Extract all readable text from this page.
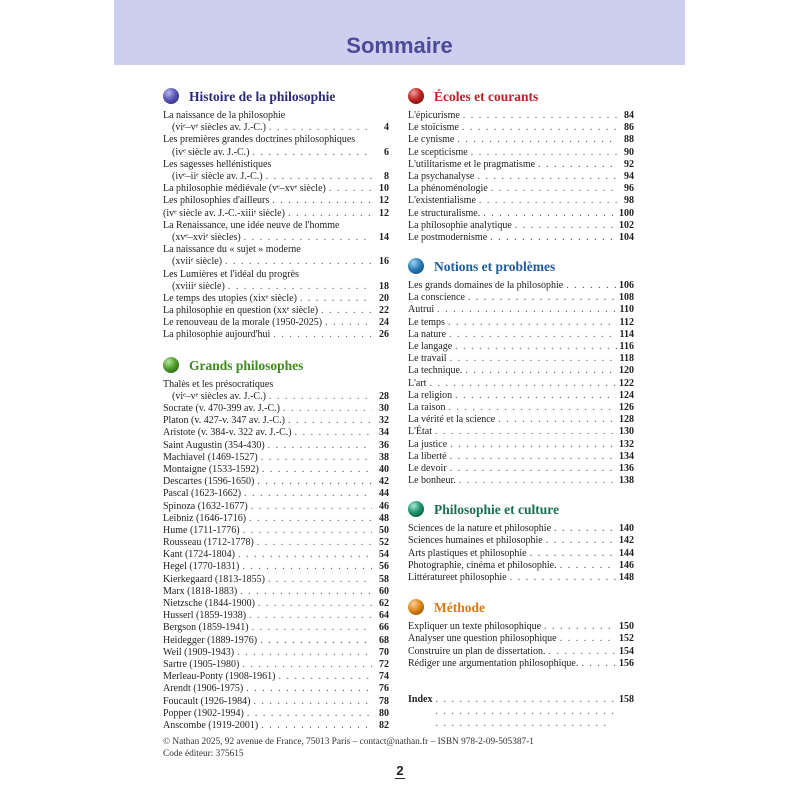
Sommaire
Histoire de la philosophie
La naissance de la philosophie
(viᵉ–vᵉ siècles av. J.-C.) . . .	4
Les premières grandes doctrines philosophiques
(ivᵉ siècle av. J.-C.) . . .	6
Les sagesses hellénistiques
(ivᵉ–iiᵉ siècle av. J.-C.) . . .	8
La philosophie médiévale (vᵉ–xvᵉ siècle) . . .	10
Les philosophies d'ailleurs . . .	12
(ivᵉ siècle av. J.-C.-xiiiᵉ siècle) . . .	12
La Renaissance, une idée neuve de l'homme
(xvᵉ–xviᵉ siècles) . . .	14
La naissance du « sujet » moderne
(xviiᵉ siècle) . . .	16
Les Lumières et l'idéal du progrès
(xviiiᵉ siècle) . . .	18
Le temps des utopies (xixᵉ siècle) . . .	20
La philosophie en question (xxᵉ siècle) . . .	22
Le renouveau de la morale (1950-2025) . . .	24
La philosophie aujourd'hui . . .	26
Grands philosophes
Thalès et les présocratiques
(viᵉ–vᵉ siècles av. J.-C.) . . .	28
Socrate (v. 470-399 av. J.-C.) . . .	30
Platon (v. 427-v. 347 av. J.-C.) . . .	32
Aristote (v. 384-v. 322 av. J.-C.) . . .	34
Saint Augustin (354-430) . . .	36
Machiavel (1469-1527) . . .	38
Montaigne (1533-1592) . . .	40
Descartes (1596-1650) . . .	42
Pascal (1623-1662) . . .	44
Spinoza (1632-1677) . . .	46
Leibniz (1646-1716) . . .	48
Hume (1711-1776) . . .	50
Rousseau (1712-1778) . . .	52
Kant (1724-1804) . . .	54
Hegel (1770-1831) . . .	56
Kierkegaard (1813-1855) . . .	58
Marx (1818-1883) . . .	60
Nietzsche (1844-1900) . . .	62
Husserl (1859-1938) . . .	64
Bergson (1859-1941) . . .	66
Heidegger (1889-1976) . . .	68
Weil (1909-1943) . . .	70
Sartre (1905-1980) . . .	72
Merleau-Ponty (1908-1961) . . .	74
Arendt (1906-1975) . . .	76
Foucault (1926-1984) . . .	78
Popper (1902-1994) . . .	80
Anscombe (1919-2001) . . .	82
Écoles et courants
L'épicurisme . . .	84
Le stoïcisme . . .	86
Le cynisme . . .	88
Le scepticisme . . .	90
L'utilitarisme et le pragmatisme . . .	92
La psychanalyse . . .	94
La phénoménologie . . .	96
L'existentialisme . . .	98
Le structuralisme. . . .	100
La philosophie analytique . . .	102
Le postmodernisme . . .	104
Notions et problèmes
Les grands domaines de la philosophie . . .	106
La conscience . . .	108
Autrui . . .	110
Le temps . . .	112
La nature . . .	114
Le langage . . .	116
Le travail . . .	118
La technique. . . .	120
L'art . . .	122
La religion . . .	124
La raison . . .	126
La vérité et la science . . .	128
L'État . . .	130
La justice . . .	132
La liberté . . .	134
Le devoir . . .	136
Le bonheur. . . .	138
Philosophie et culture
Sciences de la nature et philosophie . . .	140
Sciences humaines et philosophie . . .	142
Arts plastiques et philosophie . . .	144
Photographie, cinéma et philosophie. . . .	146
Littératureet philosophie . . .	148
Méthode
Expliquer un texte philosophique . . .	150
Analyser une question philosophique . . .	152
Construire un plan de dissertation. . . .	154
Rédiger une argumentation philosophique. . . .	156
Index . . .	158
© Nathan 2025, 92 avenue de France, 75013 Paris – contact@nathan.fr – ISBN 978-2-09-505387-1
Code éditeur: 375615
2
